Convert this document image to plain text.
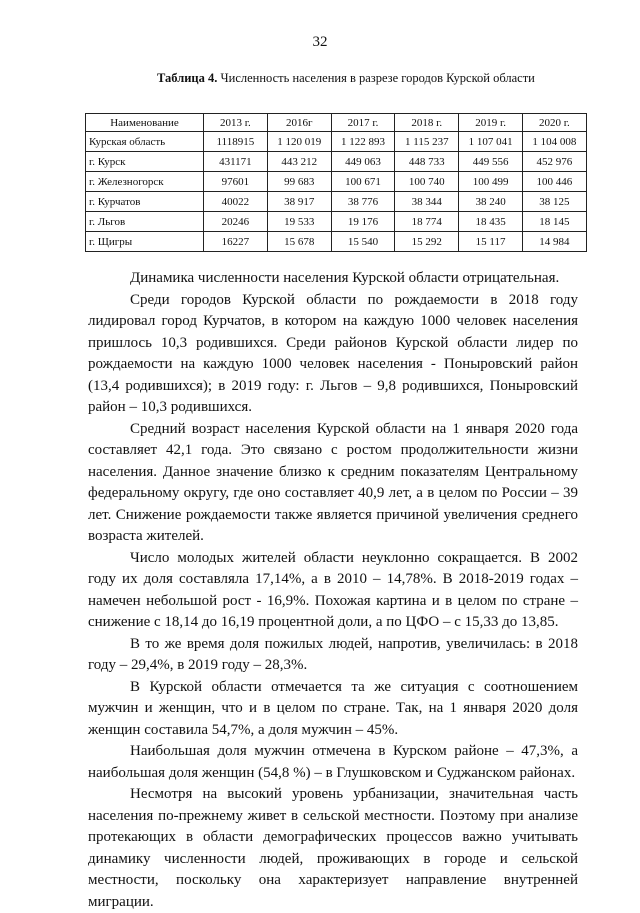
32
Таблица 4. Численность населения в разрезе городов Курской области
Наименование	2013 г.	2016г	2017 г.	2018 г.	2019 г.	2020 г.
Курская область	1118915	1 120 019	1 122 893	1 115 237	1 107 041	1 104 008
г. Курск	431171	443 212	449 063	448 733	449 556	452 976
г. Железногорск	97601	99 683	100 671	100 740	100 499	100 446
г. Курчатов	40022	38 917	38 776	38 344	38 240	38 125
г. Льгов	20246	19 533	19 176	18 774	18 435	18 145
г. Щигры	16227	15 678	15 540	15 292	15 117	14 984

Динамика численности населения Курской области отрицательная.

Среди городов Курской области по рождаемости в 2018 году лидировал город Курчатов, в котором на каждую 1000 человек населения пришлось 10,3 родившихся. Среди районов Курской области лидер по рождаемости на каждую 1000 человек населения - Поныровский район (13,4 родившихся); в 2019 году: г. Льгов – 9,8 родившихся, Поныровский район – 10,3 родившихся.

Средний возраст населения Курской области на 1 января 2020 года составляет 42,1 года. Это связано с ростом продолжительности жизни населения. Данное значение близко к средним показателям Центральному федеральному округу, где оно составляет 40,9 лет, а в целом по России – 39 лет. Снижение рождаемости также является причиной увеличения среднего возраста жителей.

Число молодых жителей области неуклонно сокращается. В 2002 году их доля составляла 17,14%, а в 2010 – 14,78%. В 2018-2019 годах – намечен небольшой рост - 16,9%. Похожая картина и в целом по стране – снижение с 18,14 до 16,19 процентной доли, а по ЦФО – с 15,33 до 13,85.

В то же время доля пожилых людей, напротив, увеличилась: в 2018 году – 29,4%, в 2019 году – 28,3%.

В Курской области отмечается та же ситуация с соотношением мужчин и женщин, что и в целом по стране. Так, на 1 января 2020 доля женщин составила 54,7%, а доля мужчин – 45%.

Наибольшая доля мужчин отмечена в Курском районе – 47,3%, а наибольшая доля женщин (54,8 %) – в Глушковском и Суджанском районах.

Несмотря на высокий уровень урбанизации, значительная часть населения по-прежнему живет в сельской местности. Поэтому при анализе протекающих в области демографических процессов важно учитывать динамику численности людей, проживающих в городе и сельской местности, поскольку она характеризует направление внутренней миграции.
